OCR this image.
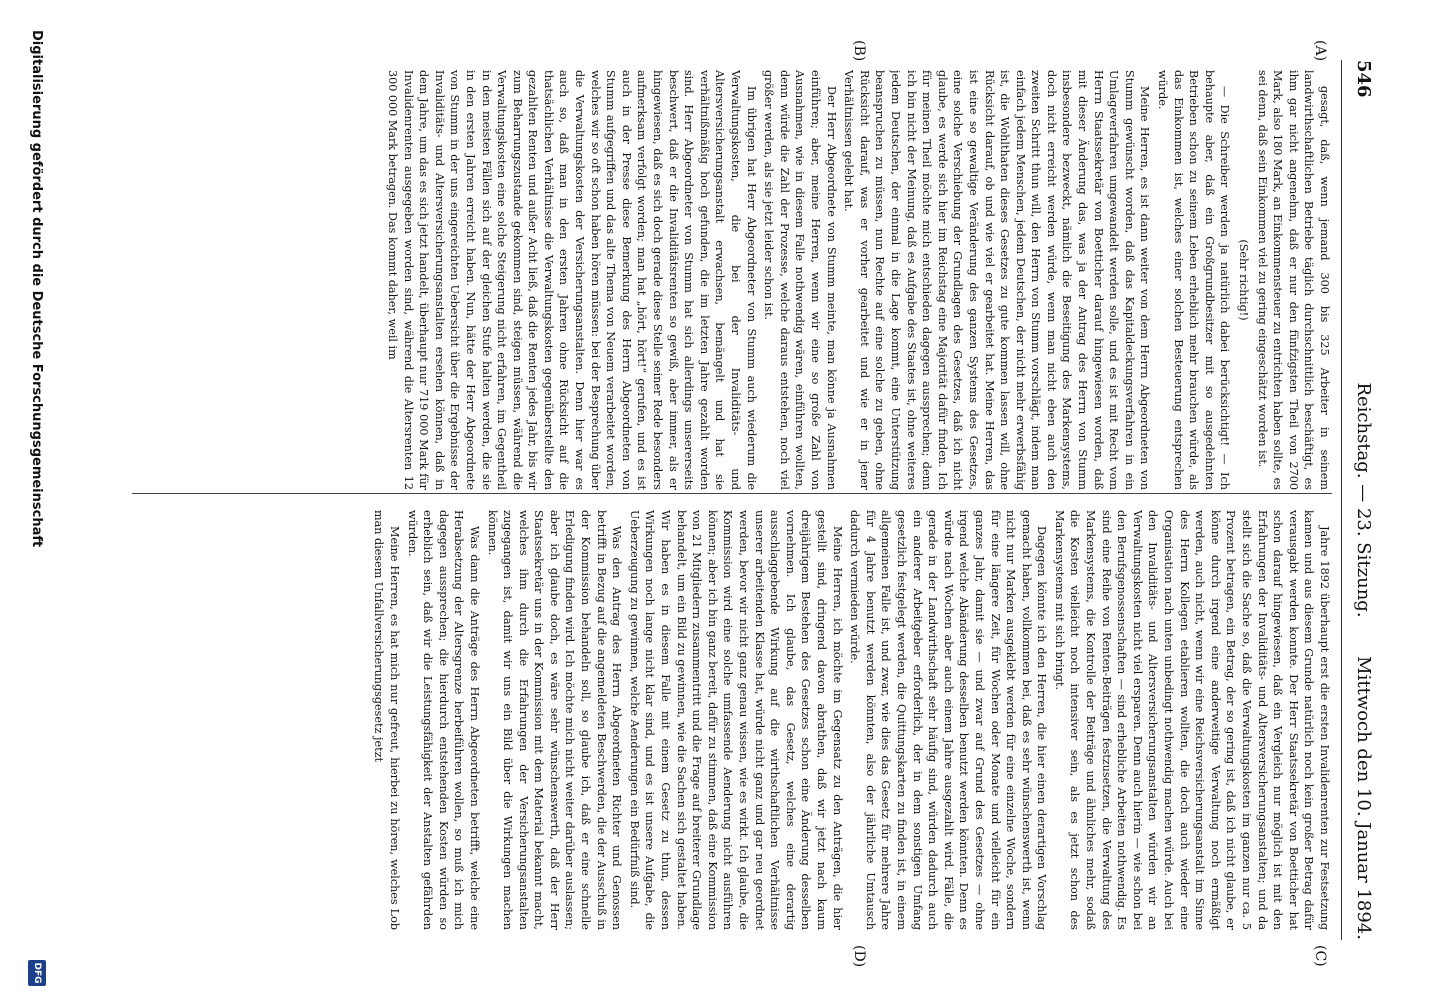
546
Reichstag. — 23. Sitzung.
Mittwoch den 10. Januar 1894.
(A)
(B)
(C)
(D)

gesagt, daß, wenn jemand 300 bis 325 Arbeiter in seinem landwirthschaftlichen Betriebe täglich durchschnittlich beschäftigt, es ihm gar nicht angenehm, daß er nur den fünfzigsten Theil von 2700 Mark, also 180 Mark, an Einkommensteuer zu entrichten haben sollte, es sei denn, daß sein Einkommen viel zu gering eingeschätzt worden ist.

(Sehr richtig!)

— Die Schreiber werden ja natürlich dabei berücksichtigt! — Ich behaupte aber, daß ein Großgrundbesitzer mit so ausgedehnten Betrieben schon zu seinem Leben erheblich mehr brauchen würde, als das Einkommen ist, welches einer solchen Besteuerung entsprechen würde.

Meine Herren, es ist dann weiter von dem Herrn Abgeordneten von Stumm gewünscht worden, daß das Kapitaldeckungsverfahren in ein Umlageverfahren umgewandelt werden solle, und es ist mit Recht vom Herrn Staatssekretär von Boetticher darauf hingewiesen worden, daß mit dieser Änderung das, was ja der Antrag des Herrn von Stumm insbesondere bezweckt, nämlich die Beseitigung des Markensystems, doch nicht erreicht werden würde, wenn man nicht eben auch den zweiten Schritt thun will, den Herrn von Stumm vorschlägt, indem man einfach jedem Menschen, jedem Deutschen, der nicht mehr erwerbsfähig ist, die Wohlthaten dieses Gesetzes zu gute kommen lassen will, ohne Rücksicht darauf, ob und wie viel er gearbeitet hat. Meine Herren, das ist eine so gewaltige Veränderung des ganzen Systems des Gesetzes, eine solche Verschiebung der Grundlagen des Gesetzes, daß ich nicht glaube, es werde sich hier im Reichstag eine Majorität dafür finden. Ich für meinen Theil möchte mich entschieden dagegen aussprechen; denn ich bin nicht der Meinung, daß es Aufgabe des Staates ist, ohne weiteres jedem Deutschen, der einmal in die Lage kommt, eine Unterstützung beanspruchen zu müssen, nun Rechte auf eine solche zu geben, ohne Rücksicht darauf, was er vorher gearbeitet und wie er in jener Verhältnissen gelebt hat.

Der Herr Abgeordnete von Stumm meinte, man könne ja Ausnahmen einführen; aber, meine Herren, wenn wir eine so große Zahl von Ausnahmen, wie in diesem Falle nothwendig wären, einführen wollten, denn würde die Zahl der Prozesse, welche daraus entstehen, noch viel größer werden, als sie jetzt leider schon ist.

Im übrigen hat Herr Abgeordneter von Stumm auch wiederum die Verwaltungskosten, die bei der Invaliditäts- und Altersversicherungsanstalt erwachsen, bemängelt und hat sie verhältnißmäßig hoch gefunden, die im letzten Jahre gezahlt worden sind. Herr Abgeordneter von Stumm hat sich allerdings unsererseits beschwert, daß er die Invaliditätsrenten so gewiß, aber immer, als er hingewiesen, daß es sich doch gerade diese Stelle seiner Rede besonders aufmerksam verfolgt worden; man hat „hört, hört!“ gerufen, und es ist auch in der Presse diese Bemerkung des Herrn Abgeordneten von Stumm aufgegriffen und das alte Thema von Neuem verarbeitet worden, welches wir so oft schon haben hören müssen: bei der Besprechung über die Verwaltungskosten der Versicherungsanstalten. Denn hier war es auch so, daß man in den ersten Jahren ohne Rücksicht auf die thatsächlichen Verhältnisse die Verwaltungskosten gegenüberstellte den gezahlten Renten und außer Acht ließ, daß die Renten jedes Jahr, bis wir zum Beharrungszustande gekommen sind, steigen müssen, während die Verwaltungskosten eine solche Steigerung nicht erfahren, im Gegentheil in den meisten Fällen sich auf der gleichen Stufe halten werden, die sie in den ersten Jahren erreicht haben. Nun, hätte der Herr Abgeordnete von Stumm in der uns eingereichten Uebersicht über die Ergebnisse der Invaliditäts- und Altersversicherungsanstalten ersehen können, daß in dem Jahre, um das es sich jetzt handelt, überhaupt nur 719 000 Mark für Invalidenrenten ausgegeben worden sind, während die Altersrenten 12 300 000 Mark betragen. Das kommt daher, weil im

Jahre 1892 überhaupt erst die ersten Invalidenrenten zur Festsetzung kamen und aus diesem Grunde natürlich noch kein großer Betrag dafür verausgabt werden konnte. Der Herr Staatssekretär von Boetticher hat schon darauf hingewiesen, daß ein Vergleich nur möglich ist mit den Erfahrungen der Invaliditäts- und Altersversicherungsanstalten; und da stellt sich die Sache so, daß die Verwaltungskosten im ganzen nur ca. 5 Prozent betragen, ein Betrag, der so gering ist, daß ich nicht glaube, er könne durch irgend eine anderweitige Verwaltung noch ermäßigt werden, auch nicht, wenn wir eine Reichsversicherungsanstalt im Sinne des Herrn Kollegen etablieren wollten, die doch auch wieder eine Organisation nach unten unbedingt nothwendig machen würde. Auch bei den Invaliditäts- und Altersversicherungsanstalten würden wir an Verwaltungskosten nicht viel ersparen. Denn auch hierin — wie schon bei den Berufsgenossenschaften — sind erhebliche Arbeiten nothwendig. Es sind eine Reihe von Renten-Beiträgen festzusetzen, die Verwaltung des Markensystems, die Kontrolle der Beiträge und ähnliches mehr, sodaß die Kosten vielleicht noch intensiver sein, als es jetzt schon des Markensystems mit sich bringt.

Dagegen könnte ich den Herren, die hier einen derartigen Vorschlag gemacht haben, vollkommen bei, daß es sehr wünschenswerth ist, wenn nicht nur Marken ausgeklebt werden für eine einzelne Woche, sondern für eine längere Zeit, für Wochen oder Monate und vielleicht für ein ganzes Jahr, damit sie — und zwar auf Grund des Gesetzes — ohne irgend welche Abänderung desselben benutzt werden könnten. Denn es würde nach Wochen aber auch einem Jahre ausgezahlt wird. Fälle, die gerade in der Landwirthschaft sehr häufig sind, würden dadurch auch ein anderer Arbeitgeber erforderlich, der in dem sonstigen Umfang gesetzlich festgelegt werden, die Quittungskarten zu finden ist, in einem allgemeinen Falle ist, und zwar, wie dies das Gesetz für mehrere Jahre für 4 Jahre benutzt werden könnten, also der jährliche Umtausch dadurch vermieden würde.

Meine Herren, ich möchte im Gegensatz zu den Anträgen, die hier gestellt sind, dringend davon abrathen, daß wir jetzt nach kaum dreijährigem Bestehen des Gesetzes schon eine Änderung desselben vornehmen. Ich glaube, das Gesetz, welches eine derartig ausschlaggebende Wirkung auf die wirthschaftlichen Verhältnisse unserer arbeitenden Klasse hat, würde nicht ganz und gar neu geordnet werden, bevor wir nicht ganz genau wissen, wie es wirkt. Ich glaube, die Kommission wird eine solche umfassende Aenderung nicht ausführen können; aber ich bin ganz bereit, dafür zu stimmen, daß eine Kommission von 21 Mitgliedern zusammentritt und die Frage auf breiterer Grundlage behandelt, um ein Bild zu gewinnen, wie die Sachen sich gestaltet haben. Wir haben es in diesem Falle mit einem Gesetz zu thun, dessen Wirkungen noch lange nicht klar sind, und es ist unsere Aufgabe, die Ueberzeugung zu gewinnen, welche Aenderungen ein Bedürfniß sind.

Was den Antrag des Herrn Abgeordneten Richter und Genossen betrifft in Bezug auf die angemeldeten Beschwerden, die der Ausschuß in der Kommission behandeln soll, so glaube ich, daß er eine schnelle Erledigung finden wird. Ich möchte mich nicht weiter darüber auslassen; aber ich glaube doch, es wäre sehr wünschenswerth, daß der Herr Staatssekretär uns in der Kommission mit dem Material bekannt macht, welches ihm durch die Erfahrungen der Versicherungsanstalten zugegangen ist, damit wir uns ein Bild über die Wirkungen machen können.

Was dann die Anträge des Herrn Abgeordneten betrifft, welche eine Herabsetzung der Altersgrenze herbeiführen wollen, so muß ich mich dagegen aussprechen; die hierdurch entstehenden Kosten würden so erheblich sein, daß wir die Leistungsfähigkeit der Anstalten gefährden würden.

Meine Herren, es hat mich nur gefreut, hierbei zu hören, welches Lob man diesem Unfallversicherungsgesetz jetzt

Digitalisierung gefördert durch die Deutsche Forschungsgemeinschaft
DFG
